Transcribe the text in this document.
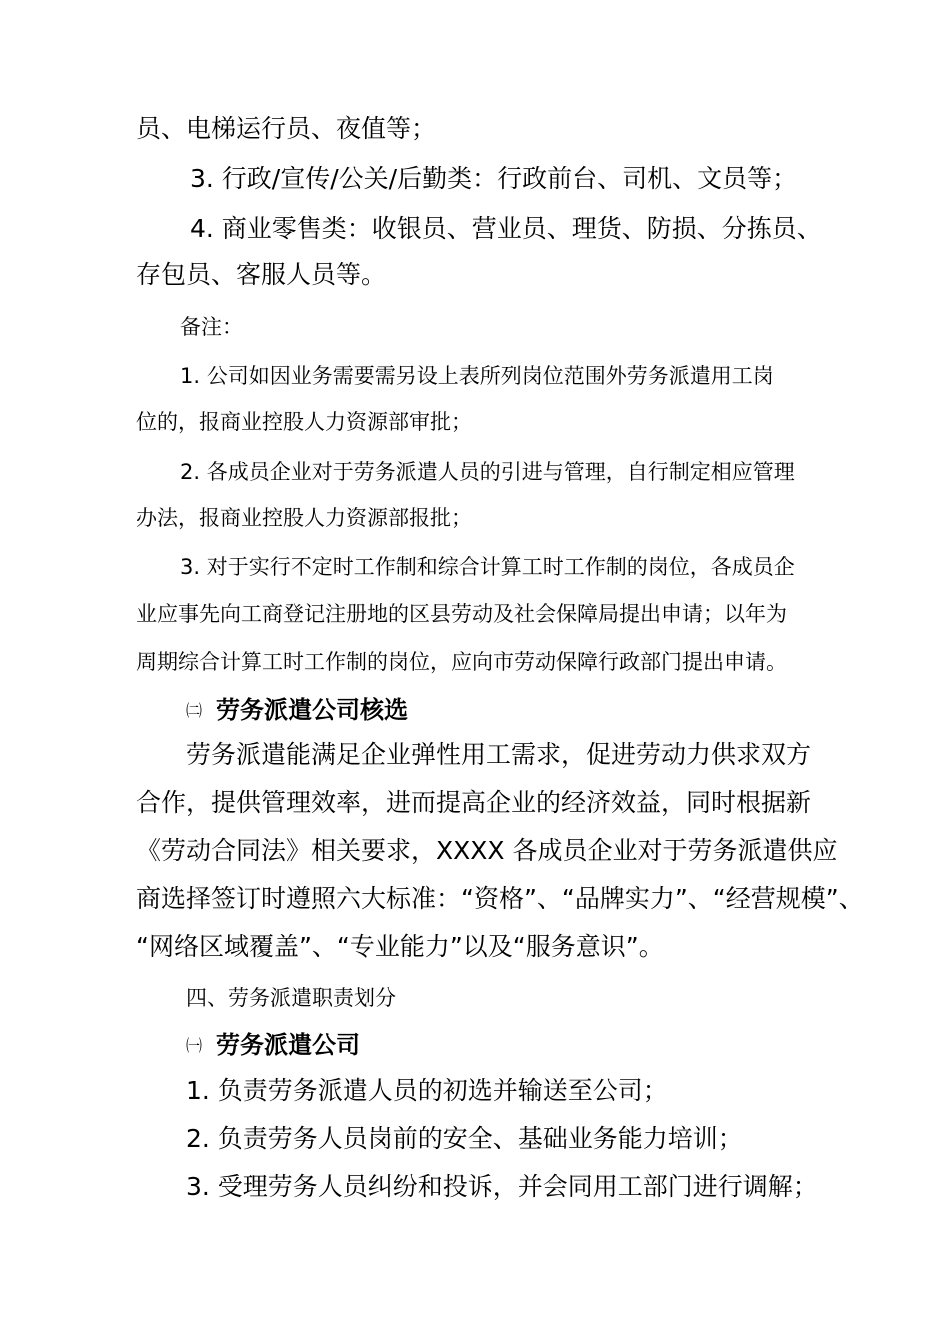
员、电梯运行员、夜值等；

3. 行政/宣传/公关/后勤类：行政前台、司机、文员等；

4. 商业零售类：收银员、营业员、理货、防损、分拣员、

存包员、客服人员等。

备注：

1. 公司如因业务需要需另设上表所列岗位范围外劳务派遣用工岗

位的，报商业控股人力资源部审批；

2. 各成员企业对于劳务派遣人员的引进与管理，自行制定相应管理

办法，报商业控股人力资源部报批；

3. 对于实行不定时工作制和综合计算工时工作制的岗位，各成员企

业应事先向工商登记注册地的区县劳动及社会保障局提出申请；以年为

周期综合计算工时工作制的岗位，应向市劳动保障行政部门提出申请。

㈡ 劳务派遣公司核选

劳务派遣能满足企业弹性用工需求，促进劳动力供求双方

合作，提供管理效率，进而提高企业的经济效益，同时根据新

《劳动合同法》相关要求，XXXX 各成员企业对于劳务派遣供应

商选择签订时遵照六大标准：“资格”、“品牌实力”、“经营规模”、

“网络区域覆盖”、“专业能力”以及“服务意识”。

四、劳务派遣职责划分

㈠ 劳务派遣公司

1. 负责劳务派遣人员的初选并输送至公司；

2. 负责劳务人员岗前的安全、基础业务能力培训；

3. 受理劳务人员纠纷和投诉，并会同用工部门进行调解；
